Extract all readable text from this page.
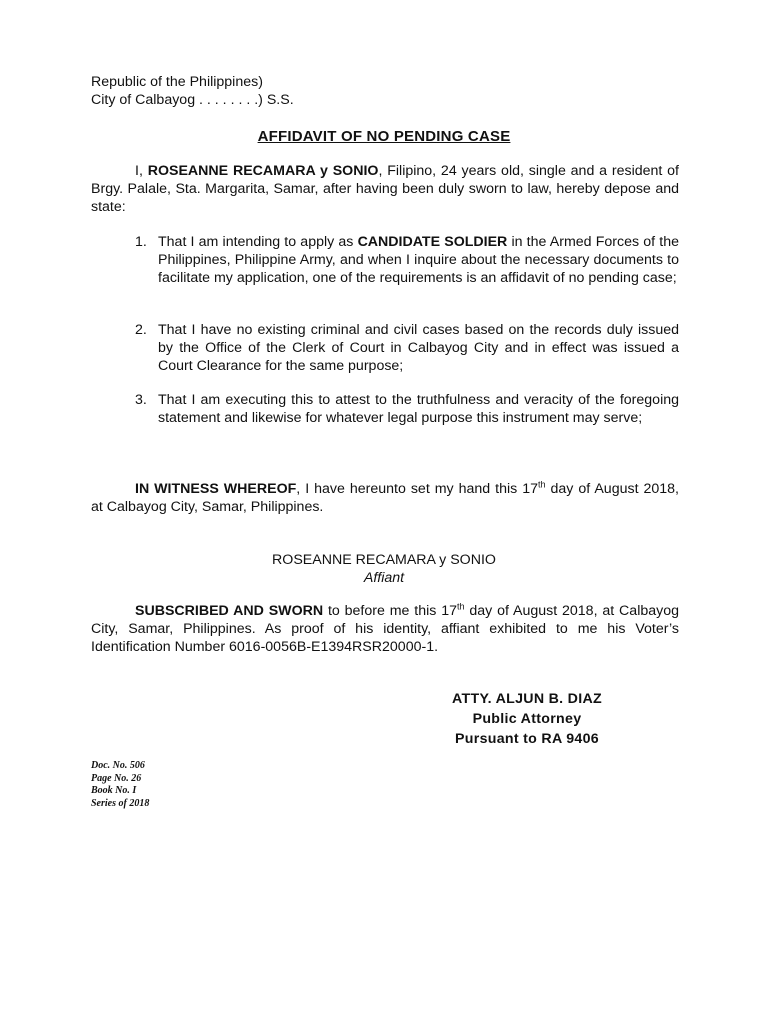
Republic of the Philippines)
City of Calbayog . . . . . . . .) S.S.
AFFIDAVIT OF NO PENDING CASE
I, ROSEANNE RECAMARA y SONIO, Filipino, 24 years old, single and a resident of Brgy. Palale, Sta. Margarita, Samar, after having been duly sworn to law, hereby depose and state:
1. That I am intending to apply as CANDIDATE SOLDIER in the Armed Forces of the Philippines, Philippine Army, and when I inquire about the necessary documents to facilitate my application, one of the requirements is an affidavit of no pending case;
2. That I have no existing criminal and civil cases based on the records duly issued by the Office of the Clerk of Court in Calbayog City and in effect was issued a Court Clearance for the same purpose;
3. That I am executing this to attest to the truthfulness and veracity of the foregoing statement and likewise for whatever legal purpose this instrument may serve;
IN WITNESS WHEREOF, I have hereunto set my hand this 17th day of August 2018, at Calbayog City, Samar, Philippines.
ROSEANNE RECAMARA y SONIO
Affiant
SUBSCRIBED AND SWORN to before me this 17th day of August 2018, at Calbayog City, Samar, Philippines. As proof of his identity, affiant exhibited to me his Voter’s Identification Number 6016-0056B-E1394RSR20000-1.
ATTY. ALJUN B. DIAZ
Public Attorney
Pursuant to RA 9406
Doc. No. 506
Page No. 26
Book No. I
Series of 2018
